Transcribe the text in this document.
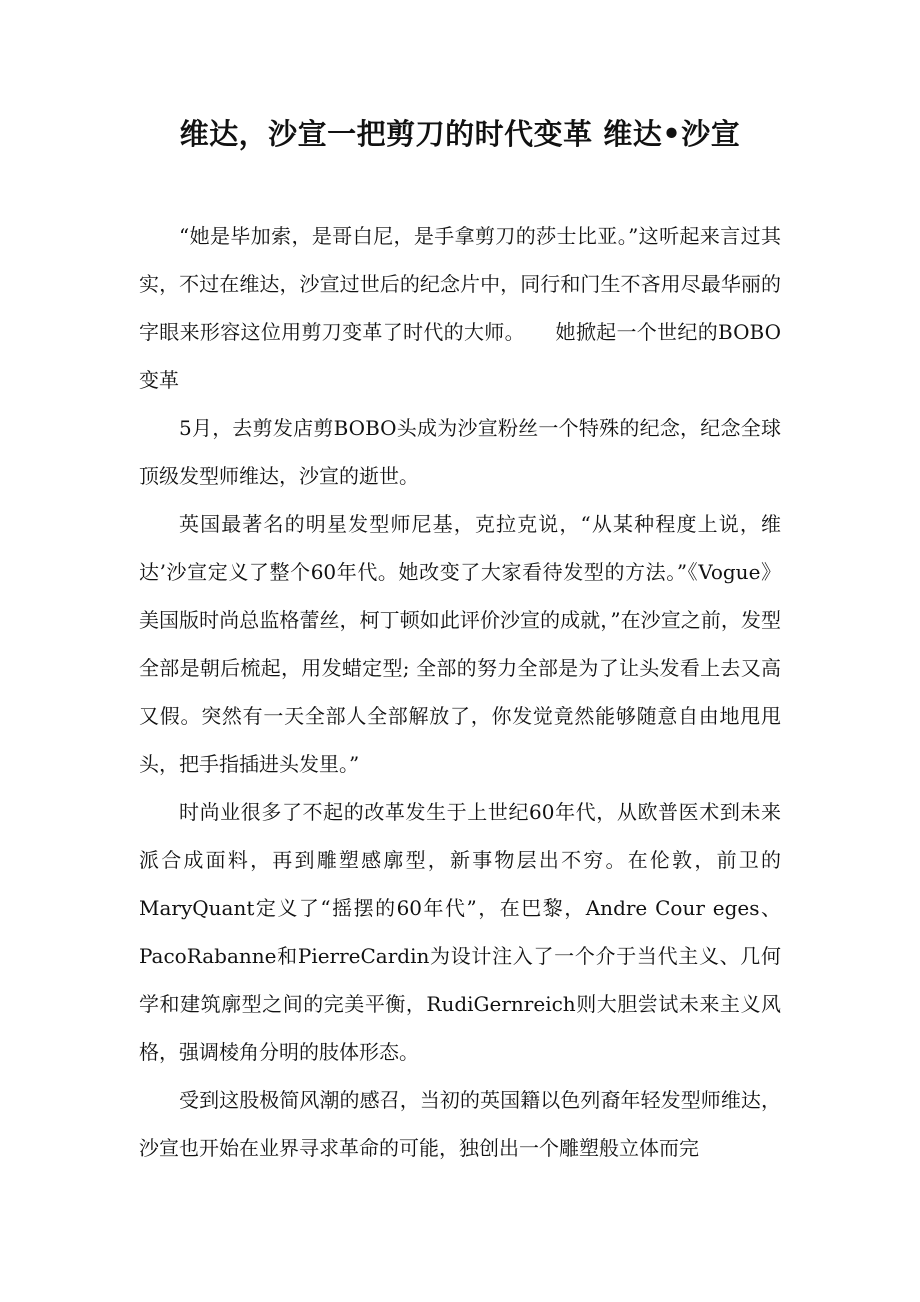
维达，沙宣一把剪刀的时代变革 维达•沙宣

“她是毕加索，是哥白尼，是手拿剪刀的莎士比亚。”这听起来言过其实，不过在维达，沙宣过世后的纪念片中，同行和门生不吝用尽最华丽的字眼来形容这位用剪刀变革了时代的大师。　　她掀起一个世纪的BOBO变革

5月，去剪发店剪BOBO头成为沙宣粉丝一个特殊的纪念，纪念全球顶级发型师维达，沙宣的逝世。

英国最著名的明星发型师尼基，克拉克说，“从某种程度上说，维达’沙宣定义了整个60年代。她改变了大家看待发型的方法。”《Vogue》美国版时尚总监格蕾丝，柯丁顿如此评价沙宣的成就，”在沙宣之前，发型全部是朝后梳起，用发蜡定型; 全部的努力全部是为了让头发看上去又高又假。突然有一天全部人全部解放了，你发觉竟然能够随意自由地甩甩头，把手指插进头发里。”

时尚业很多了不起的改革发生于上世纪60年代，从欧普医术到未来派合成面料，再到雕塑感廓型，新事物层出不穷。在伦敦，前卫的MaryQuant定义了“摇摆的60年代”，在巴黎，Andre Cour eges、PacoRabanne和PierreCardin为设计注入了一个介于当代主义、几何学和建筑廓型之间的完美平衡，RudiGernreich则大胆尝试未来主义风格，强调棱角分明的肢体形态。

受到这股极简风潮的感召，当初的英国籍以色列裔年轻发型师维达，沙宣也开始在业界寻求革命的可能，独创出一个雕塑般立体而完
